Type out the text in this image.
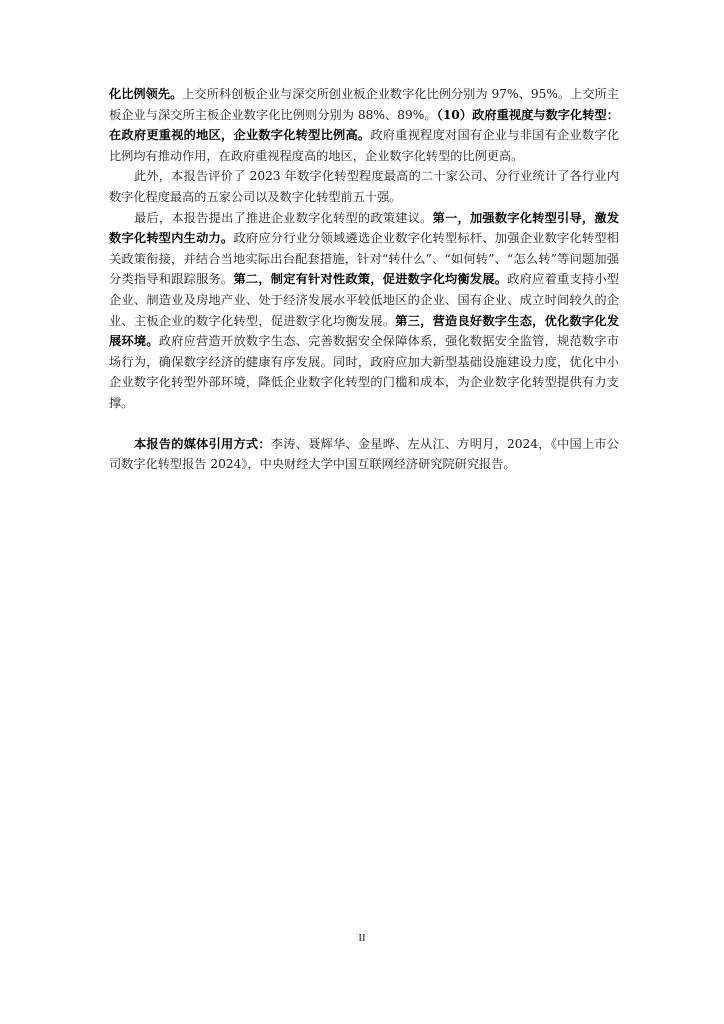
化比例领先。上交所科创板企业与深交所创业板企业数字化比例分别为 97%、95%。上交所主板企业与深交所主板企业数字化比例则分别为 88%、89%。（10）政府重视度与数字化转型：在政府更重视的地区，企业数字化转型比例高。政府重视程度对国有企业与非国有企业数字化比例均有推动作用，在政府重视程度高的地区，企业数字化转型的比例更高。

此外，本报告评价了 2023 年数字化转型程度最高的二十家公司、分行业统计了各行业内数字化程度最高的五家公司以及数字化转型前五十强。

最后，本报告提出了推进企业数字化转型的政策建议。第一，加强数字化转型引导，激发数字化转型内生动力。政府应分行业分领域遴选企业数字化转型标杆、加强企业数字化转型相关政策衔接，并结合当地实际出台配套措施，针对“转什么”、“如何转”、“怎么转”等问题加强分类指导和跟踪服务。第二，制定有针对性政策，促进数字化均衡发展。政府应着重支持小型企业、制造业及房地产业、处于经济发展水平较低地区的企业、国有企业、成立时间较久的企业、主板企业的数字化转型，促进数字化均衡发展。第三，营造良好数字生态，优化数字化发展环境。政府应营造开放数字生态、完善数据安全保障体系，强化数据安全监管，规范数字市场行为，确保数字经济的健康有序发展。同时，政府应加大新型基础设施建设力度，优化中小企业数字化转型外部环境，降低企业数字化转型的门槛和成本，为企业数字化转型提供有力支撑。

本报告的媒体引用方式：李涛、聂辉华、金星晔、左从江、方明月，2024，《中国上市公司数字化转型报告 2024》，中央财经大学中国互联网经济研究院研究报告。

II
